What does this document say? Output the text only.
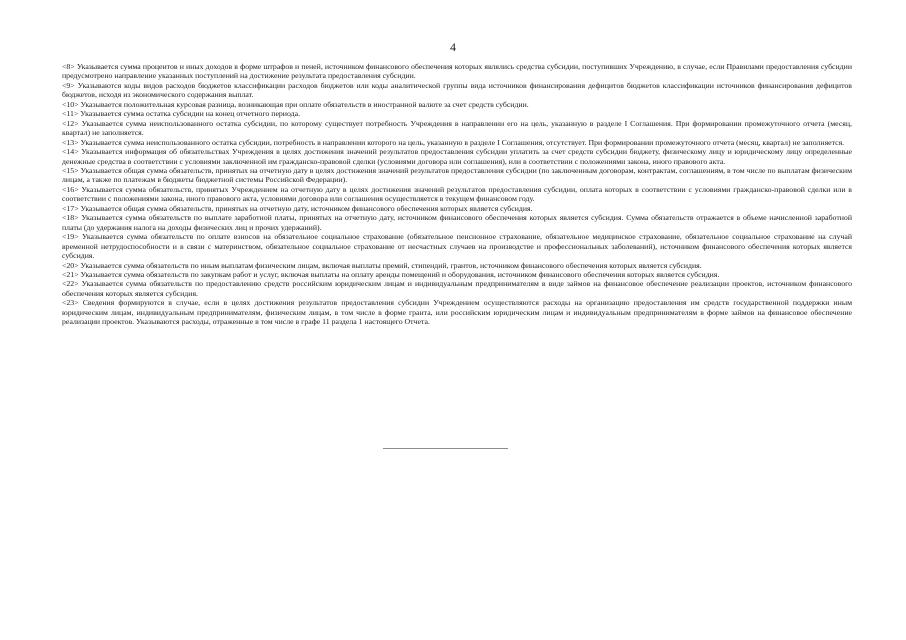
4

<8> Указывается сумма процентов и иных доходов в форме штрафов и пеней, источником финансового обеспечения которых являлись средства субсидии, поступивших Учреждению, в случае, если Правилами предоставления субсидии предусмотрено направление указанных поступлений на достижение результата предоставления субсидии.

<9> Указываются коды видов расходов бюджетов классификации расходов бюджетов или коды аналитической группы вида источников финансирования дефицитов бюджетов классификации источников финансирования дефицитов бюджетов, исходя из экономического содержания выплат.

<10> Указывается положительная курсовая разница, возникающая при оплате обязательств в иностранной валюте за счет средств субсидии.

<11> Указывается сумма остатка субсидии на конец отчетного периода.

<12> Указывается сумма неиспользованного остатка субсидии, по которому существует потребность Учреждения в направлении его на цель, указанную в разделе I Соглашения. При формировании промежуточного отчета (месяц, квартал) не заполняется.

<13> Указывается сумма неиспользованного остатка субсидии, потребность в направлении которого на цель, указанную в разделе I Соглашения, отсутствует. При формировании промежуточного отчета (месяц, квартал) не заполняется.

<14> Указывается информация об обязательствах Учреждения в целях достижения значений результатов предоставления субсидии уплатить за счет средств субсидии бюджету, физическому лицу и юридическому лицу определенные денежные средства в соответствии с условиями заключенной им гражданско-правовой сделки (условиями договора или соглашения), или в соответствии с положениями закона, иного правового акта.

<15> Указывается общая сумма обязательств, принятых на отчетную дату в целях достижения значений результатов предоставления субсидии (по заключенным договорам, контрактам, соглашениям, в том числе по выплатам физическим лицам, а также по платежам в бюджеты бюджетной системы Российской Федерации).

<16> Указывается сумма обязательств, принятых Учреждением на отчетную дату в целях достижения значений результатов предоставления субсидии, оплата которых в соответствии с условиями гражданско-правовой сделки или в соответствии с положениями закона, иного правового акта, условиями договора или соглашения осуществляется в текущем финансовом году.

<17> Указывается общая сумма обязательств, принятых на отчетную дату, источником финансового обеспечения которых является субсидия.

<18> Указывается сумма обязательств по выплате заработной платы, принятых на отчетную дату, источником финансового обеспечения которых является субсидия. Сумма обязательств отражается в объеме начисленной заработной платы (до удержания налога на доходы физических лиц и прочих удержаний).

<19> Указывается сумма обязательств по оплате взносов на обязательное социальное страхование (обязательное пенсионное страхование, обязательное медицинское страхование, обязательное социальное страхование на случай временной нетрудоспособности и в связи с материнством, обязательное социальное страхование от несчастных случаев на производстве и профессиональных заболеваний), источником финансового обеспечения которых является субсидия.

<20> Указывается сумма обязательств по иным выплатам физическим лицам, включая выплаты премий, стипендий, грантов, источником финансового обеспечения которых является субсидия.

<21> Указывается сумма обязательств по закупкам работ и услуг, включая выплаты на оплату аренды помещений и оборудования, источником финансового обеспечения которых является субсидия.

<22> Указывается сумма обязательств по предоставлению средств российским юридическим лицам и индивидуальным предпринимателям в виде займов на финансовое обеспечение реализации проектов, источником финансового обеспечения которых является субсидия.

<23> Сведения формируются в случае, если в целях достижения результатов предоставления субсидии Учреждением осуществляются расходы на организацию предоставления им средств государственной поддержки иным юридическим лицам, индивидуальным предпринимателям, физическим лицам, в том числе в форме гранта, или российским юридическим лицам и индивидуальным предпринимателям в форме займов на финансовое обеспечение реализации проектов. Указываются расходы, отраженные в том числе в графе 11 раздела 1 настоящего Отчета.
